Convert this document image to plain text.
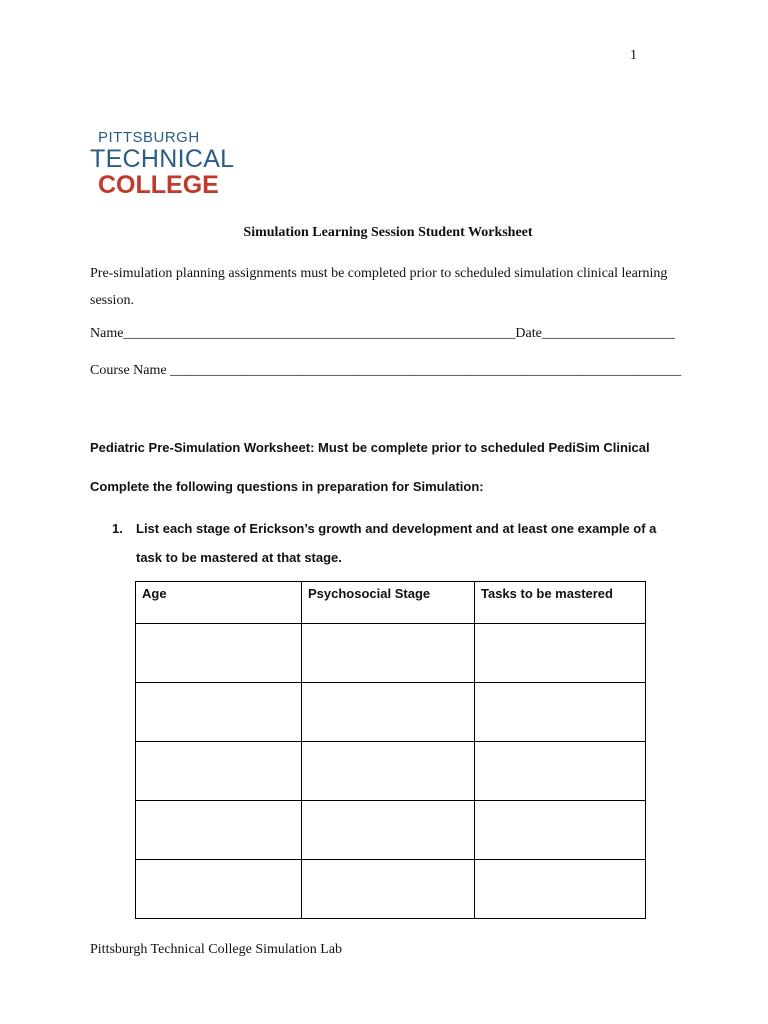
1
PITTSBURGH
TECHNICAL
COLLEGE
Simulation Learning Session Student Worksheet
Pre-simulation planning assignments must be completed prior to scheduled simulation clinical learning session.
Name________________________________________________________Date___________________
Course Name _________________________________________________________________________
Pediatric Pre-Simulation Worksheet: Must be complete prior to scheduled PediSim Clinical
Complete the following questions in preparation for Simulation:
1. List each stage of Erickson’s growth and development and at least one example of a task to be mastered at that stage.
Age	Psychosocial Stage	Tasks to be mastered

Pittsburgh Technical College Simulation Lab
